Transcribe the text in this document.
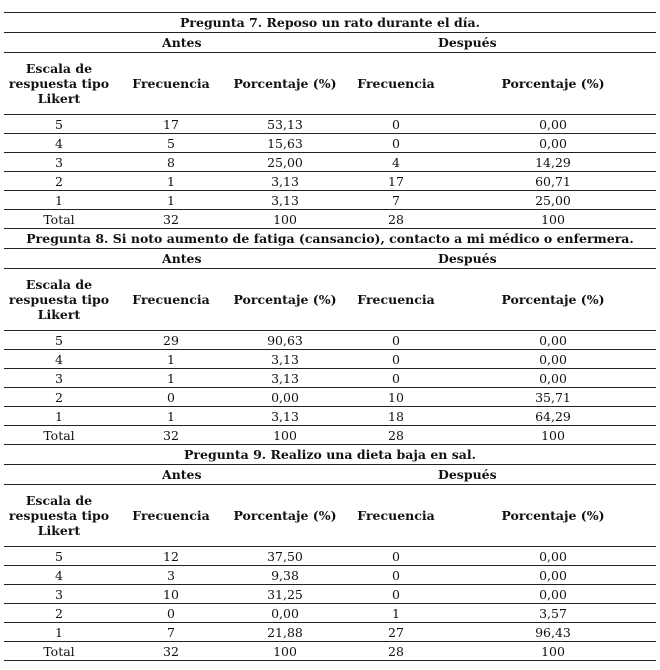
Pregunta 7. Reposo un rato durante el día.				
Antes			Después	
Escala de respuesta tipo Likert	Frecuencia	Porcentaje (%)	Frecuencia	Porcentaje (%)
5	17	53,13	0	0,00
4	5	15,63	0	0,00
3	8	25,00	4	14,29
2	1	3,13	17	60,71
1	1	3,13	7	25,00
Total	32	100	28	100
Pregunta 8. Si noto aumento de fatiga (cansancio), contacto a mi médico o enfermera.				
Antes			Después	
Escala de respuesta tipo Likert	Frecuencia	Porcentaje (%)	Frecuencia	Porcentaje (%)
5	29	90,63	0	0,00
4	1	3,13	0	0,00
3	1	3,13	0	0,00
2	0	0,00	10	35,71
1	1	3,13	18	64,29
Total	32	100	28	100
Pregunta 9. Realizo una dieta baja en sal.				
Antes			Después	
Escala de respuesta tipo Likert	Frecuencia	Porcentaje (%)	Frecuencia	Porcentaje (%)
5	12	37,50	0	0,00
4	3	9,38	0	0,00
3	10	31,25	0	0,00
2	0	0,00	1	3,57
1	7	21,88	27	96,43
Total	32	100	28	100
